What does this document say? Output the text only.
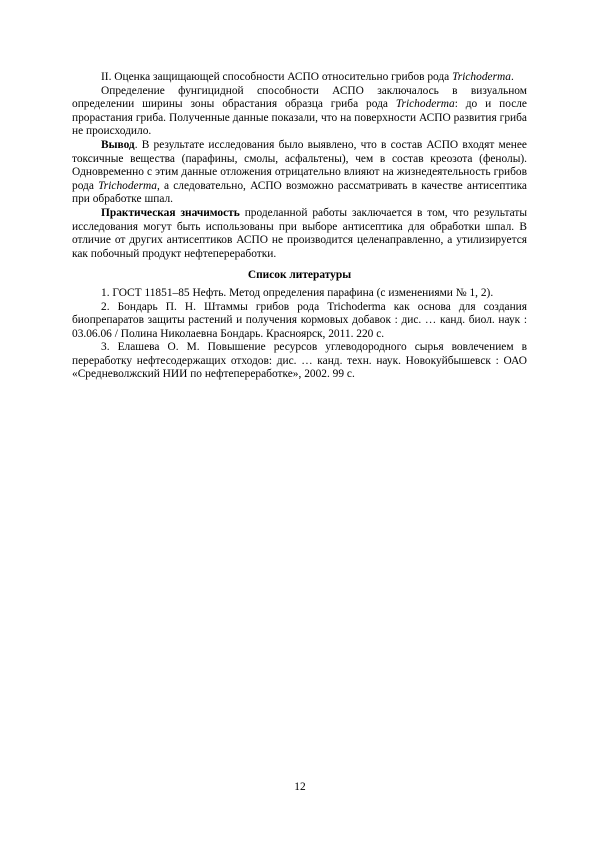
II. Оценка защищающей способности АСПО относительно грибов рода Trichoderma.

Определение фунгицидной способности АСПО заключалось в визуальном определении ширины зоны обрастания образца гриба рода Trichoderma: до и после прорастания гриба. Полученные данные показали, что на поверхности АСПО развития гриба не происходило.

Вывод. В результате исследования было выявлено, что в состав АСПО входят менее токсичные вещества (парафины, смолы, асфальтены), чем в состав креозота (фенолы). Одновременно с этим данные отложения отрицательно влияют на жизнедеятельность грибов рода Trichoderma, а следовательно, АСПО возможно рассматривать в качестве антисептика при обработке шпал.

Практическая значимость проделанной работы заключается в том, что результаты исследования могут быть использованы при выборе антисептика для обработки шпал. В отличие от других антисептиков АСПО не производится целенаправленно, а утилизируется как побочный продукт нефтепереработки.

Список литературы

1. ГОСТ 11851–85 Нефть. Метод определения парафина (с изменениями № 1, 2).

2. Бондарь П. Н. Штаммы грибов рода Trichoderma как основа для создания биопрепаратов защиты растений и получения кормовых добавок : дис. … канд. биол. наук : 03.06.06 / Полина Николаевна Бондарь. Красноярск, 2011. 220 с.

3. Елашева О. М. Повышение ресурсов углеводородного сырья вовлечением в переработку нефтесодержащих отходов: дис. … канд. техн. наук. Новокуйбышевск : ОАО «Средневолжский НИИ по нефтепереработке», 2002. 99 с.

12
